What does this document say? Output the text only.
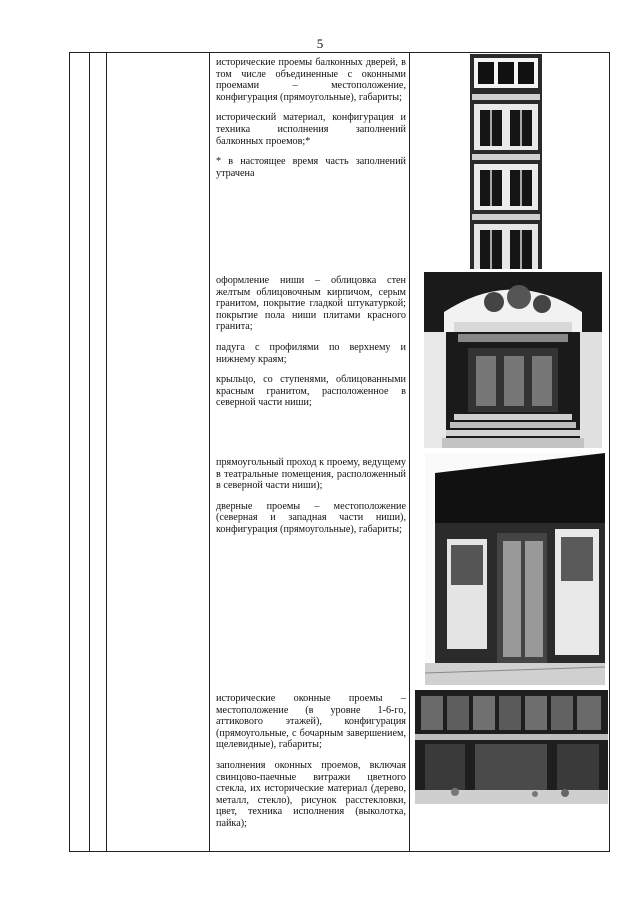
5

исторические проемы балконных дверей, в том числе объединенные с оконными проемами – местоположение, конфигурация (прямоугольные), габариты;

исторический материал, конфигурация и техника исполнения заполнений балконных проемов;*

* в настоящее время часть заполнений утрачена

оформление ниши – облицовка стен желтым облицовочным кирпичом, серым гранитом, покрытие гладкой штукатуркой; покрытие пола ниши плитами красного гранита;

падуга с профилями по верхнему и нижнему краям;

крыльцо, со ступенями, облицованными красным гранитом, расположенное в северной части ниши;

прямоугольный проход к проему, ведущему в театральные помещения, расположенный в северной части ниши);

дверные проемы – местоположение (северная и западная части ниши), конфигурация (прямоугольные), габариты;

исторические оконные проемы – местоположение (в уровне 1-6-го, аттикового этажей), конфигурация (прямоугольные, с бочарным завершением, щелевидные), габариты;

заполнения оконных проемов, включая свинцово-паечные витражи цветного стекла, их исторические материал (дерево, металл, стекло), рисунок расстекловки, цвет, техника исполнения (выколотка, пайка);
